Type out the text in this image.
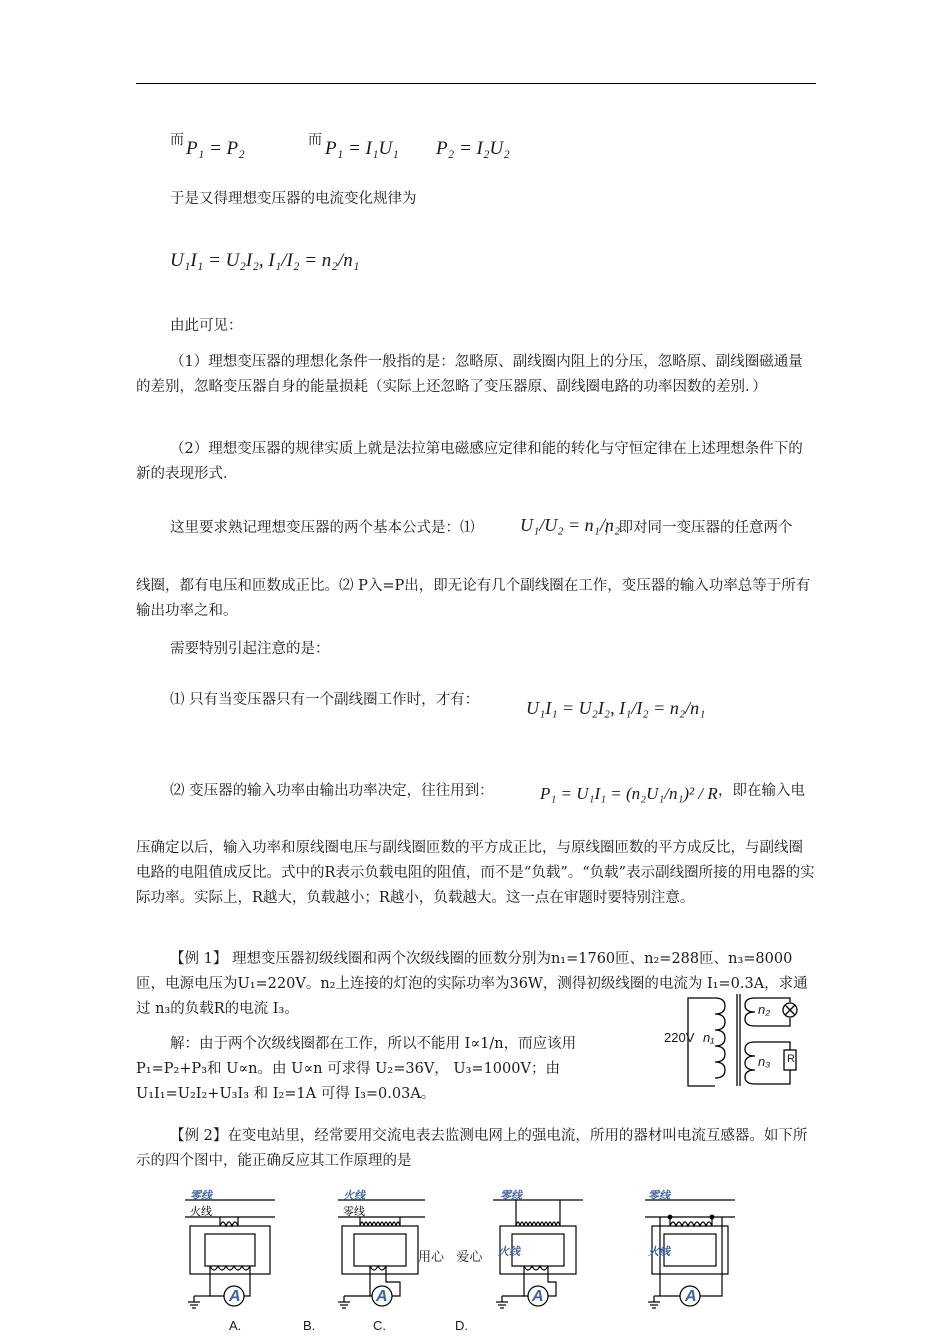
而 P₁ = P₂	而 P₁ = I₁U₁ P₂ = I₂U₂
于是又得理想变压器的电流变化规律为
U₁I₁ = U₂I₂, I₁/I₂ = n₂/n₁
由此可见：
（1）理想变压器的理想化条件一般指的是：忽略原、副线圈内阻上的分压，忽略原、副线圈磁通量的差别，忽略变压器自身的能量损耗（实际上还忽略了变压器原、副线圈电路的功率因数的差别．）
（2）理想变压器的规律实质上就是法拉第电磁感应定律和能的转化与守恒定律在上述理想条件下的新的表现形式．
这里要求熟记理想变压器的两个基本公式是：⑴	U₁/U₂ = n₁/n₂
，即对同一变压器的任意两个
线圈，都有电压和匝数成正比。⑵ P入=P出，即无论有几个副线圈在工作，变压器的输入功率总等于所有输出功率之和。
需要特别引起注意的是：
⑴ 只有当变压器只有一个副线圈工作时，才有：	U₁I₁ = U₂I₂, I₁/I₂ = n₂/n₁
⑵ 变压器的输入功率由输出功率决定，往往用到：	P₁ = U₁I₁ = (n₂U₁/n₁)² / R ，即在输入电
压确定以后，输入功率和原线圈电压与副线圈匝数的平方成正比，与原线圈匝数的平方成反比，与副线圈电路的电阻值成反比。式中的R表示负载电阻的阻值，而不是“负载”。“负载”表示副线圈所接的用电器的实际功率。实际上，R越大，负载越小；R越小，负载越大。这一点在审题时要特别注意。
【例 1】 理想变压器初级线圈和两个次级线圈的匝数分别为n₁=1760匝、n₂=288匝、n₃=8000匝，电源电压为U₁=220V。n₂上连接的灯泡的实际功率为36W，测得初级线圈的电流为 I₁=0.3A，求通过 n₃的负载R的电流 I₃。
解：由于两个次级线圈都在工作，所以不能用 I∝1/n，而应该用P₁=P₂+P₃和 U∝n。由 U∝n 可求得 U₂=36V， U₃=1000V；由 U₁I₁=U₂I₂+U₃I₃ 和 I₂=1A 可得 I₃=0.03A。
220V n₁
n₂
n₃ R
【例 2】在变电站里，经常要用交流电表去监测电网上的强电流，所用的器材叫电流互感器。如下所示的四个图中，能正确反应其工作原理的是
零线
火线
A
火线
零线
A
用心   爱心
零线
火线
A
零线
火线
A
A.	B.	C.	D.
